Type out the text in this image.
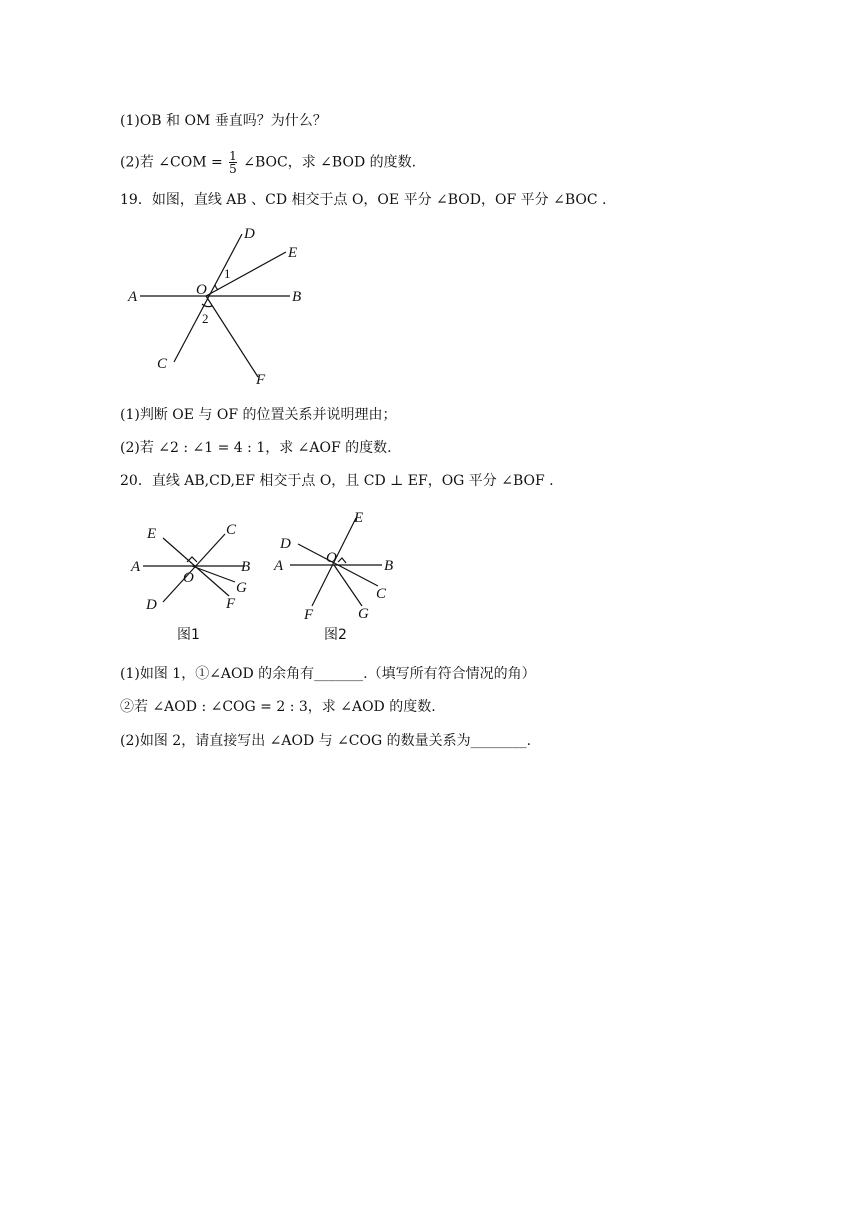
(1)OB 和 OM 垂直吗？为什么？
(2)若 ∠COM = $\frac{1}{5}$ ∠BOC，求 ∠BOD 的度数.
19．如图，直线 AB 、CD 相交于点 O，OE 平分 ∠BOD，OF 平分 ∠BOC .
D
E
1
A	O	B
2
C
F
(1)判断 OE 与 OF 的位置关系并说明理由；
(2)若 ∠2 : ∠1 = 4 : 1，求 ∠AOF 的度数.
20．直线 AB,CD,EF 相交于点 O，且 CD ⊥ EF，OG 平分 ∠BOF .
E	C
A	B
O
G
D	F
图1
E
D
O
A	B
C
F	G
图2
(1)如图 1，①∠AOD 的余角有_______.（填写所有符合情况的角）
②若 ∠AOD : ∠COG = 2 : 3，求 ∠AOD 的度数.
(2)如图 2，请直接写出 ∠AOD 与 ∠COG 的数量关系为________.
